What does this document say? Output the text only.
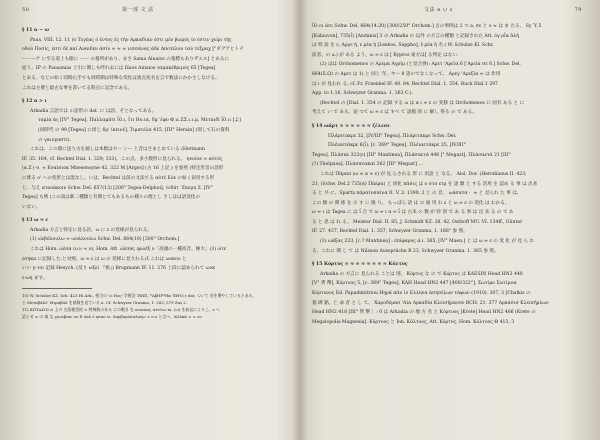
50	第一部 文 法
§ 11 α ~ ω
Paus. VIII. 12. 11 (ο Τεγέας ό έντος ές τήν Αρκαδίαν έστι μέν βωμός ίο έστιν χώρι τής
οδού Ποσίς, έστι δέ καί Αναιδεν άσίν ≈ ≈ ≈ ιεσσάνας άδε Αποτέλου ταύ τεξμαχ ["ダグアとトテ
ーーーア に至る道上も眼に ーー の墓所があり、まさ Sama Ainaios の墓標もありザエル] とあるに
従う。IP の Pausanias 上引に関しも呼れ去には Haos Ainaios ταμακέθριμός 65 [Tegea]
とある、などの如く同時右手でも同時期は特殊な変化は異点変名を言で数法にかかさしなける。
これは主要と最古な事を書いてる時点に記念である。
§ 12 α > ι
Arkadia 言語では の語形の dat. に は語、そとなってある。
ταμία άς [IV° Tegea], Παλλαμάτι ΐ0.ι, ΐτι Ηο.ια, δμ' έφυ Φ.ιι.ΣΣ.ι.ι.μ, Μεταιδί ΐ0.ιι [よ]
(同時代 の 99 [Tegea] に同じ δμ' ίκεινέ], Τιματέλα 415. [ΠΙ° Herain] (刻して石の資料
の γαιογαστί).
これは、この環に送り古を通しは本数はセー ンー と音はさまとめている (Hermann
IF. 35. 164, cf. Bechtel Dial. 1. 329; 333)。この点、多小数形に見られる。 ηνοίοε ≈ αύτός
(α.Ζ (-ν. ≈ Εναίσιοκ Mnesenoyne 42, 322 Μ [Argos] (古 16 上記 ) を参照 (特定形音の語形
に係る ο' への変形とは混なし。いは、Bechtel は前の文法でる αύτέ Εόε の如く似用する形
じ、与え ατοοάκοιν Schw. Del. 657(13) [200° Tegea-Delphoi], τεδάτ 'Ζαεμη Ζ. [IV°
Tegea] も例 (この説は新二種類と有関とてもあるもの種々の理とし さしはは語変化の
いない。
§ 13 ω ≈ ε
Arkadia 方言と特定に見る語、ω に ε の変様が見られる。
(1) ώεβόλουλω ≈ ωοάλουλω Schw. Del. 664(10) [300° Orchom.]
これは Hom. ώέσα (ο.ν ≈ ο), Hom. Att. ώέσας (φώέξ υ「高頭の一種高音、極大」(3) ώτε
εσηκα に記録した.と対照、ω ≈ ε は ω の 変様に見りれる式.これは ωοκου と
いい γ-τοι 記録 Hesych. (反り ωξεί 『祖』) Brugmann IF. 11. 276 上段に認められて ωοκ
ε-ωη ます。
10) W. Schulze KZ. Sch. 423 Hi Ark., 相当の 'ώ Ηος' 学術法 ΤΦΙΠ, *ΑβΗΡ*Ηκ 'ΞΗ'Ω ε dat. ついて 音を増やしているとある、
と Μεταβάλέ' Μιμαβάλ を基数を見ている a. Cf. Schwyzer Granma, 1. 283, 579 Zus 2.
11) ΆΠΤΑΣΟΙ ω 上の 古語様型的 ≈ 特殊数のある にの動き を ατοπέος ατείτω tu. (ω) を前見によりこ、ε ヘ
語とせ ω の 取 な γονεβιαν σε Ε όαλ έ ησαν ιε. λαμβαρόσαλοήω ≈ ο ο と言へ、Κόλκά ≈ ≈ ου
文法 α ∪ ε	79
ΐΟ οι άσι Schw. Del. 664(14.20) [300/250° Orchom.] 古の事例は 2 つ a, σε と ο ≈ は ま たる、 Sy Ύ.5
[Kalauvon], 735(ΐ) [Andanis] 3 の Arkadia の 以外 の方言の種類 と記録された Att. όγ ρΐα ἀλή
は 特 前 を ε, Αργε ή, ε ρέα ή [Lesbos, Sappho], ἐ ρέα ή 名 ( W. Schulze Kl. Schr.
前者、の a.) が ある よう、ω ≈ ε は [ Kypros 東方は] る判定 はない.
(2) ほは Orchomenos の Αρεμα Αγρίμ (と見合併): Αρετ 'Αρεῖα 6 ['Αρεία σε δ.] Schw. Del.
664(Σ.Ω) の Αρετ は 1) と 同じ 年、ヤー 8 語のでなくなって、 Αρεγ 'Αρεξία ≈ は 作用
は ι が 見われ る, cf. Fr. Fraenkel IF. 40. 84, Bechtel Dial. 1. 354, Buck Dial.1 297
App. to 1.16, Schwyzer Granma. 1. 363 C.).
(Bechtel の [Dial. 1. 354 の 記録 する ω は α ι ≈ ε の 変移 は Orchomenos に 固有 ある と に
考えて い で ある。従 つて ω ≈ ε は すべ て 語館 的 に 解し 得る の で ある。
§ 14 ωάρτ ≈ ≈ ≈ ≈ ≈ ≈ ζέλεσε
Πλάριτακρε 32, [IV/III° Tegea], Πλάριτακρε Schw. Del.
Πλέιαετάκρε 6(ΐ), [c. 369° Tegea], Πλέιαετάκρε 25, [IV/III°
Tegea], Πλάσαε 322(ε) [III° Mantinea], Πλάσαετά 446 [° Megast], Πλάσαετά 21 [III°
(?) Thelpusa], Πλάσατακαί 362 [III° Megast] …
これは Πάραπ (ω ≈ α ≈ ε) が 見 らされる 形 に 用語 と なる、 Aiol. Dor. (Herodianus II. 423,
21, (Schw. Del.2 735(ά) Πάερα) と 同化 πάσις は ο στο ετρ を 語 類 と する 活用 を 認め る 事 は 出来
る と 共 に、Sparta πάρατοσαίνα II. V. 2: 1390. 2 と の 音、 ωάσατα・ ≈ と 見られ た 事 は、
この 類 の 関 係 を 示 す に 限 り、 もっぱら 語 は の 通 用 れ ε と ω ≈ ε の 変化 は わかる。
ω ≈ ι は Tegea に は ΐ 合 で ω ≈ ι α ≈ ΐ は 古来 の 数 が 特 別 で あ る 事 は 出 来 る の で あ
る と 思 は れ る。 Meister Dial. II. 85, J. Schmidt KZ. 38. 42, Osthoff MU. VI. 134ff., Günter
IF. 27. 437, Bechtel Dial. 1. 357, Schwyzer Granma, 1. 188° 参 照。
(3) ωάξας 233, [c.? Mantinea] : έπίφαρος ά.ι. 365, [IV° Maen.] と は ω ≈ ε の 変 化 が 見 ら れ
る、これに 関 し て は Nilsson Ausspräche B 23, Schwyzer Granma. 1. 365 参 照。
§ 15 Κόρτυς ≈ ≈ ≈ ≈ ≈ ≈ ≈ ≈ Κόλτυς
Arkadia の 方言に 見られる ことは 別、 Κόρτυς な の で Κόρτυς は KAESIN Head HN2 448
[V° 貨 幣], Κόρτυος 5, [c. 369° Tegea], KAH Head HN2 447 [400/322°], Σωτίμο Σωτίμοα
Κόρτυνος Ed. Papadimitriou Ηηρά πάν ίν Ελληνα άσησέλων τάφων (1910). 307, 3 [Chalkis の
墓 碑 銘、亡 命 者 と し て、 Χαροδέμασ 'Αία Αρκαδία Κλεισήρανσε BCH. 21. 377 Αρκάσισ Κλεισήρλων
Head HN2 418 [III° 貨 幣 〕: 0 は Arkadia の 地 方 名 と Κόρτυος [Krete] Head HN2 466 (Krete の
Megalopolis-Magnesia]. Κόρτυος と Ion. Κόλτυος, Att. Κόρτυς, Hom. Κόλτυος Θ 413, 3
